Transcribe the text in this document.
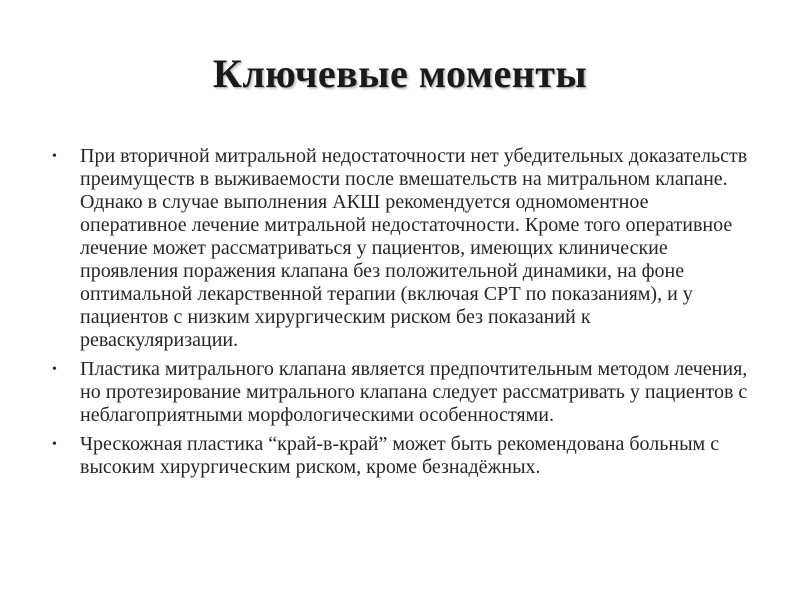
Ключевые моменты
•	При вторичной митральной недостаточности нет убедительных доказательств преимуществ в выживаемости после вмешательств на митральном клапане. Однако в случае выполнения АКШ рекомендуется одномоментное оперативное лечение митральной недостаточности. Кроме того оперативное лечение может рассматриваться у пациентов, имеющих клинические проявления поражения клапана без положительной динамики, на фоне оптимальной лекарственной терапии (включая СРТ по показаниям), и у пациентов с низким хирургическим риском без показаний к реваскуляризации.
•	Пластика митрального клапана является предпочтительным методом лечения, но протезирование митрального клапана следует рассматривать у пациентов с неблагоприятными морфологическими особенностями.
•	Чрескожная пластика “край-в-край” может быть рекомендована больным с высоким хирургическим риском, кроме безнадёжных.
